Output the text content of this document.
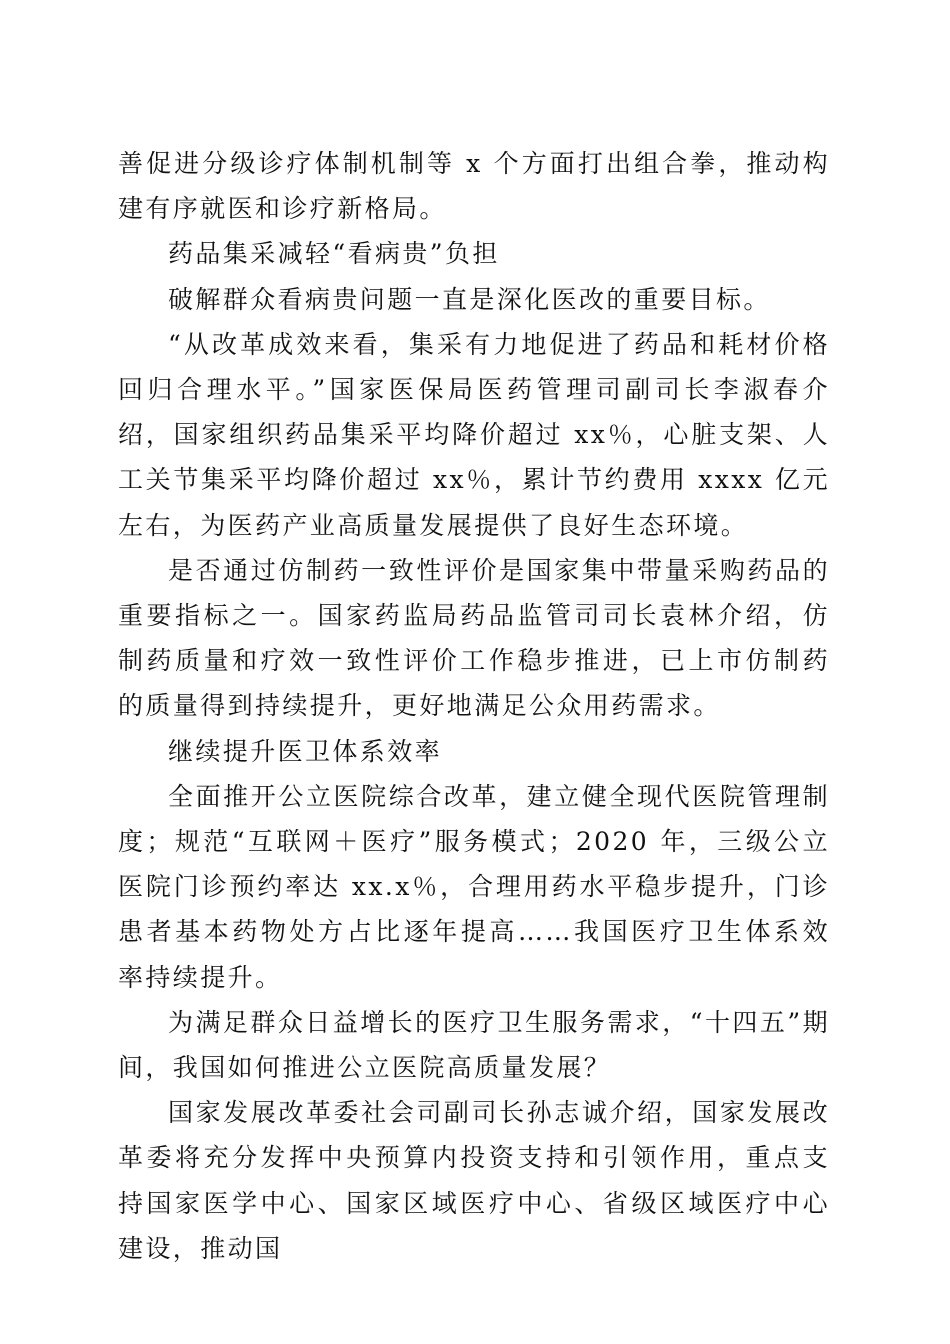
善促进分级诊疗体制机制等 x 个方面打出组合拳，推动构建有序就医和诊疗新格局。

药品集采减轻“看病贵”负担

破解群众看病贵问题一直是深化医改的重要目标。

“从改革成效来看，集采有力地促进了药品和耗材价格回归合理水平。”国家医保局医药管理司副司长李淑春介绍，国家组织药品集采平均降价超过 xx％，心脏支架、人工关节集采平均降价超过 xx％，累计节约费用 xxxx 亿元左右，为医药产业高质量发展提供了良好生态环境。

是否通过仿制药一致性评价是国家集中带量采购药品的重要指标之一。国家药监局药品监管司司长袁林介绍，仿制药质量和疗效一致性评价工作稳步推进，已上市仿制药的质量得到持续提升，更好地满足公众用药需求。

继续提升医卫体系效率

全面推开公立医院综合改革，建立健全现代医院管理制度；规范“互联网＋医疗”服务模式；2020 年，三级公立医院门诊预约率达 xx.x％，合理用药水平稳步提升，门诊患者基本药物处方占比逐年提高……我国医疗卫生体系效率持续提升。

为满足群众日益增长的医疗卫生服务需求，“十四五”期间，我国如何推进公立医院高质量发展？

国家发展改革委社会司副司长孙志诚介绍，国家发展改革委将充分发挥中央预算内投资支持和引领作用，重点支持国家医学中心、国家区域医疗中心、省级区域医疗中心建设，推动国
